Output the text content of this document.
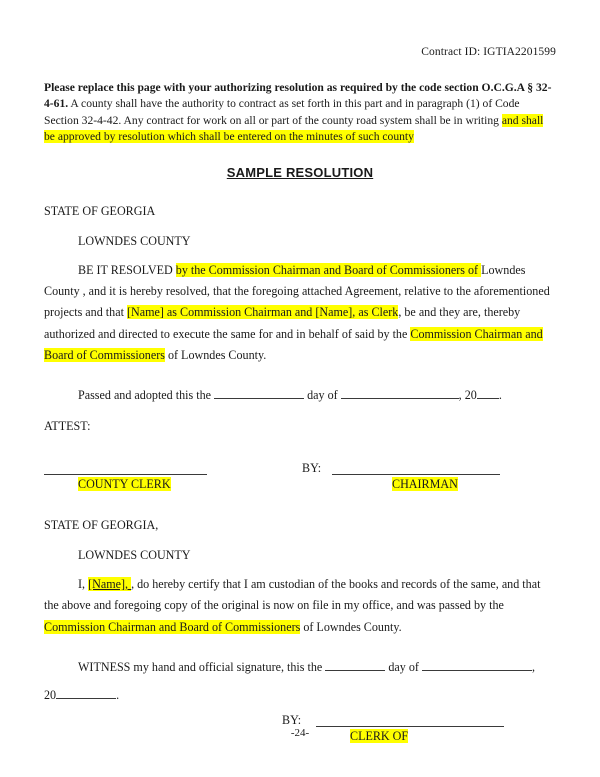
Contract ID: IGTIA2201599
Please replace this page with your authorizing resolution as required by the code section O.C.G.A § 32-4-61. A county shall have the authority to contract as set forth in this part and in paragraph (1) of Code Section 32-4-42. Any contract for work on all or part of the county road system shall be in writing and shall be approved by resolution which shall be entered on the minutes of such county
SAMPLE RESOLUTION
STATE OF GEORGIA
LOWNDES COUNTY
BE IT RESOLVED by the Commission Chairman and Board of Commissioners of Lowndes County , and it is hereby resolved, that the foregoing attached Agreement, relative to the aforementioned projects and that [Name] as Commission Chairman and [Name], as Clerk, be and they are, thereby authorized and directed to execute the same for and in behalf of said by the Commission Chairman and Board of Commissioners of Lowndes County.
Passed and adopted this the	day of	, 20 .
ATTEST:
COUNTY CLERK
BY:
CHAIRMAN
STATE OF GEORGIA,
LOWNDES COUNTY
I, [Name], , do hereby certify that I am custodian of the books and records of the same, and that the above and foregoing copy of the original is now on file in my office, and was passed by the Commission Chairman and Board of Commissioners of Lowndes County.
WITNESS my hand and official signature, this the	day of	,
20	.
BY:
CLERK OF
-24-
